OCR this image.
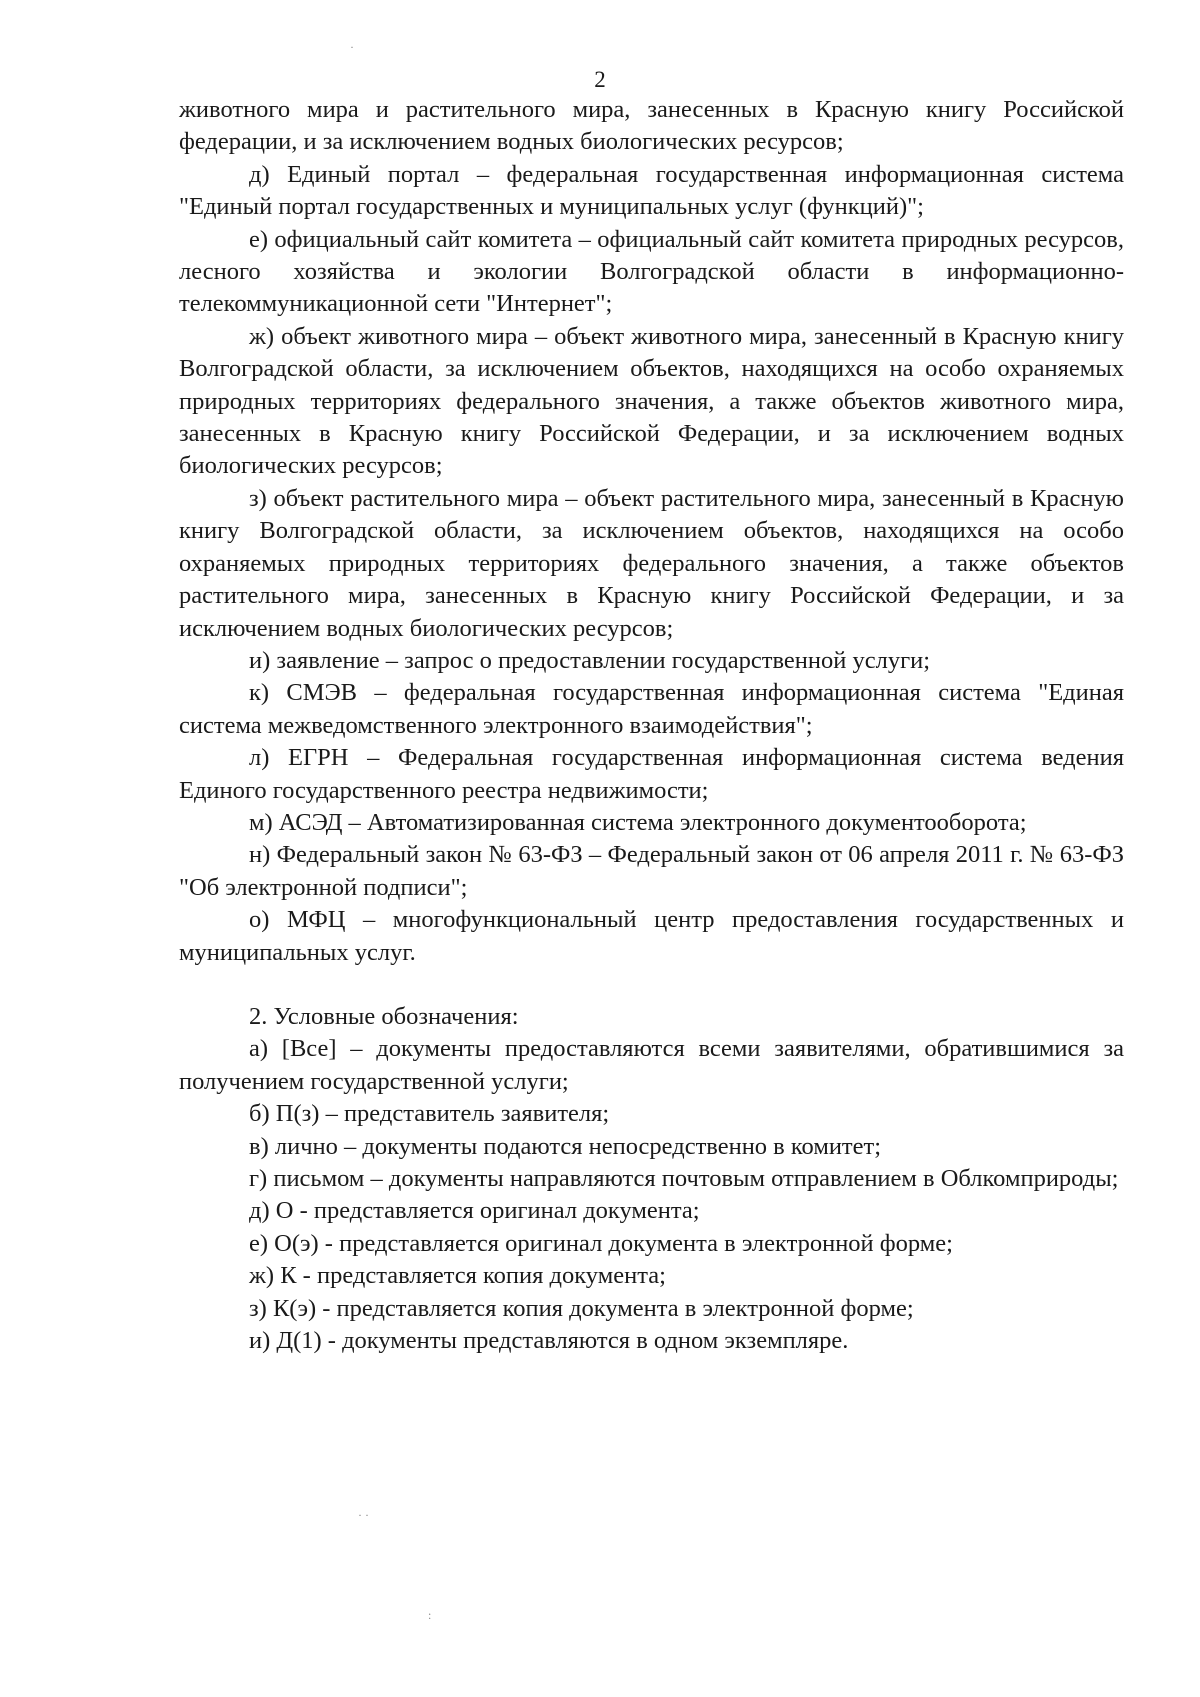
2

животного мира и растительного мира, занесенных в Красную книгу Российской федерации, и за исключением водных биологических ресурсов;

д) Единый портал – федеральная государственная информационная система "Единый портал государственных и муниципальных услуг (функций)";

е) официальный сайт комитета – официальный сайт комитета природных ресурсов, лесного хозяйства и экологии Волгоградской области в информационно-телекоммуникационной сети "Интернет";

ж) объект животного мира – объект животного мира, занесенный в Красную книгу Волгоградской области, за исключением объектов, находящихся на особо охраняемых природных территориях федерального значения, а также объектов животного мира, занесенных в Красную книгу Российской Федерации, и за исключением водных биологических ресурсов;

з) объект растительного мира – объект растительного мира, занесенный в Красную книгу Волгоградской области, за исключением объектов, находящихся на особо охраняемых природных территориях федерального значения, а также объектов растительного мира, занесенных в Красную книгу Российской Федерации, и за исключением водных биологических ресурсов;

и) заявление – запрос о предоставлении государственной услуги;

к) СМЭВ – федеральная государственная информационная система "Единая система межведомственного электронного взаимодействия";

л) ЕГРН – Федеральная государственная информационная система ведения Единого государственного реестра недвижимости;

м) АСЭД – Автоматизированная система электронного документооборота;

н) Федеральный закон № 63-ФЗ – Федеральный закон от 06 апреля 2011 г. № 63-ФЗ "Об электронной подписи";

о) МФЦ – многофункциональный центр предоставления государственных и муниципальных услуг.

2. Условные обозначения:

а) [Все] – документы предоставляются всеми заявителями, обратившимися за получением государственной услуги;

б) П(з) – представитель заявителя;

в) лично – документы подаются непосредственно в комитет;

г) письмом – документы направляются почтовым отправлением в Облкомприроды;

д) О - представляется оригинал документа;

е) О(э) - представляется оригинал документа в электронной форме;

ж) К - представляется копия документа;

з) К(э) - представляется копия документа в электронной форме;

и) Д(1) - документы представляются в одном экземпляре.

·
· ·
:
